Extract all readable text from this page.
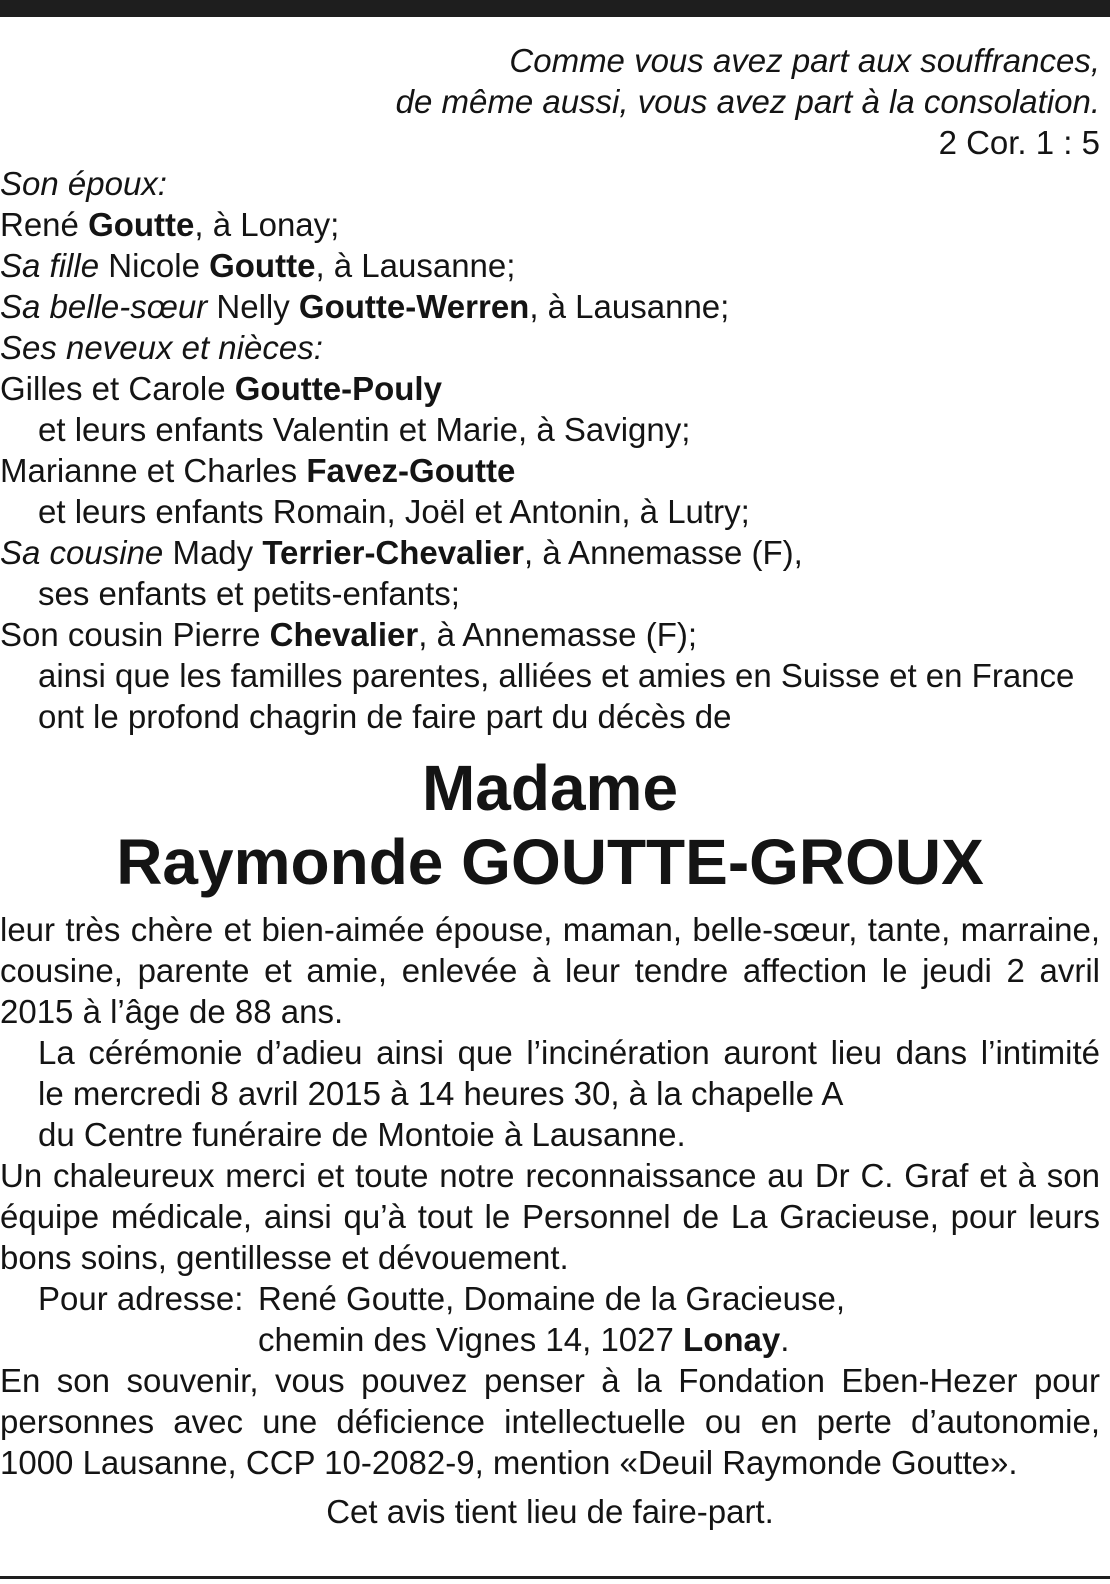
Comme vous avez part aux souffrances,

de même aussi, vous avez part à la consolation.

2 Cor. 1 : 5

Son époux:

René Goutte, à Lonay;

Sa fille Nicole Goutte, à Lausanne;

Sa belle-sœur Nelly Goutte-Werren, à Lausanne;

Ses neveux et nièces:

Gilles et Carole Goutte-Pouly

et leurs enfants Valentin et Marie, à Savigny;

Marianne et Charles Favez-Goutte

et leurs enfants Romain, Joël et Antonin, à Lutry;

Sa cousine Mady Terrier-Chevalier, à Annemasse (F),

ses enfants et petits-enfants;

Son cousin Pierre Chevalier, à Annemasse (F);

ainsi que les familles parentes, alliées et amies en Suisse et en France

ont le profond chagrin de faire part du décès de

Madame
Raymonde GOUTTE-GROUX

leur très chère et bien-aimée épouse, maman, belle-sœur, tante, marraine,

cousine, parente et amie, enlevée à leur tendre affection le jeudi 2 avril

2015 à l’âge de 88 ans.

La cérémonie d’adieu ainsi que l’incinération auront lieu dans l’intimité

le mercredi 8 avril 2015 à 14 heures 30, à la chapelle A

du Centre funéraire de Montoie à Lausanne.

Un chaleureux merci et toute notre reconnaissance au Dr C. Graf et à son

équipe médicale, ainsi qu’à tout le Personnel de La Gracieuse, pour leurs

bons soins, gentillesse et dévouement.

Pour adresse: René Goutte, Domaine de la Gracieuse,
chemin des Vignes 14, 1027 Lonay.

En son souvenir, vous pouvez penser à la Fondation Eben-Hezer pour

personnes avec une déficience intellectuelle ou en perte d’autonomie,

1000 Lausanne, CCP 10-2082-9, mention «Deuil Raymonde Goutte».

Cet avis tient lieu de faire-part.
